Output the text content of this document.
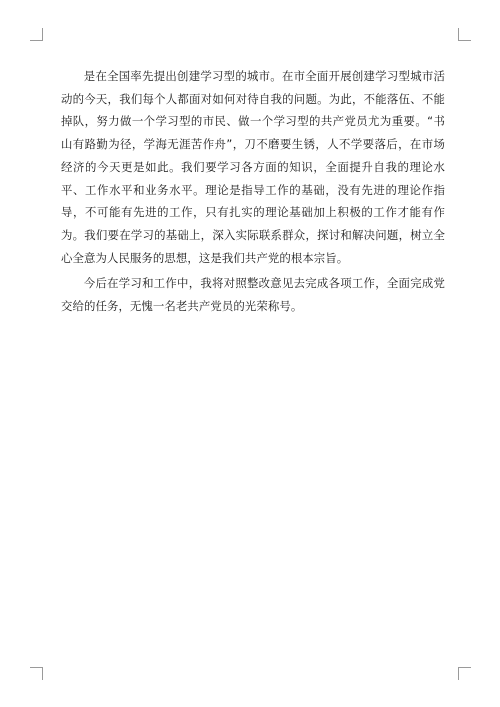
是在全国率先提出创建学习型的城市。在市全面开展创建学习型城市活动的今天，我们每个人都面对如何对待自我的问题。为此，不能落伍、不能掉队，努力做一个学习型的市民、做一个学习型的共产党员尤为重要。“书山有路勤为径，学海无涯苦作舟”，刀不磨要生锈，人不学要落后，在市场经济的今天更是如此。我们要学习各方面的知识，全面提升自我的理论水平、工作水平和业务水平。理论是指导工作的基础，没有先进的理论作指导，不可能有先进的工作，只有扎实的理论基础加上积极的工作才能有作为。我们要在学习的基础上，深入实际联系群众，探讨和解决问题，树立全心全意为人民服务的思想，这是我们共产党的根本宗旨。

今后在学习和工作中，我将对照整改意见去完成各项工作，全面完成党交给的任务，无愧一名老共产党员的光荣称号。
